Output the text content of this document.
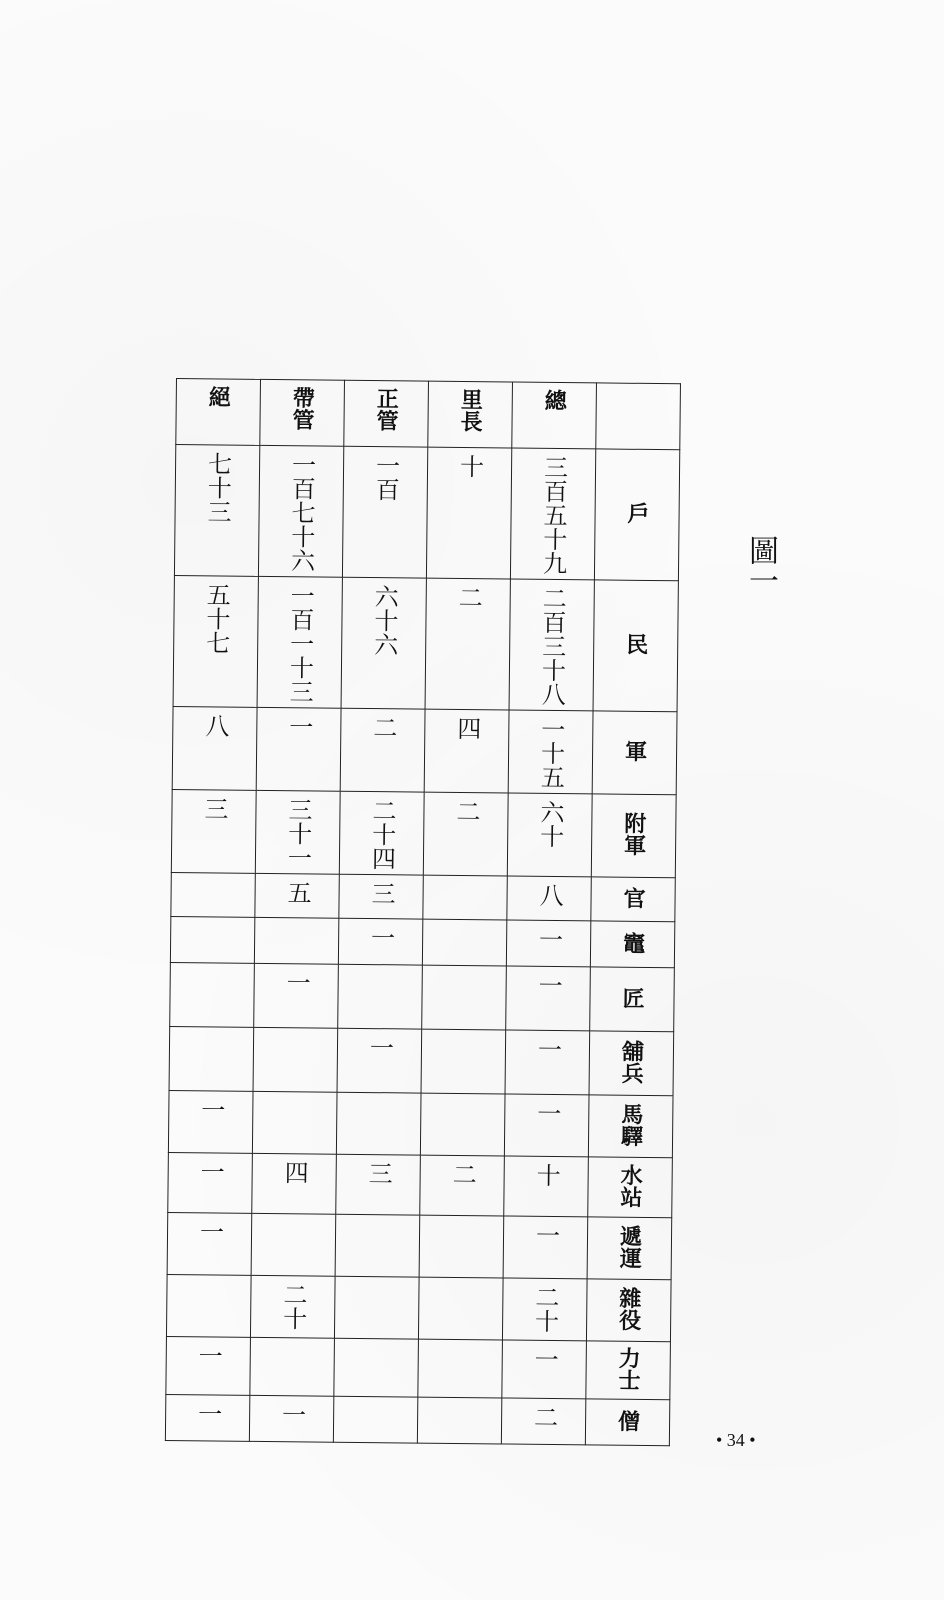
絕	帶管	正管	里長	總	
七十三	一百七十六	一百	十	三百五十九	戶
五十七	一百一十三	六十六	二	二百三十八	民
八	一	二	四	一十五	軍
三	三十一	二十四	二	六十	附軍
	五	三		八	官
		一		一	竈
	一			一	匠
		一		一	舖兵
一				一	馬驛
一	四	三	二	十	水站
一				一	遞運
	二十			二十	雜役
一				一	力士
一	一			二	僧
圖一
• 34 •
